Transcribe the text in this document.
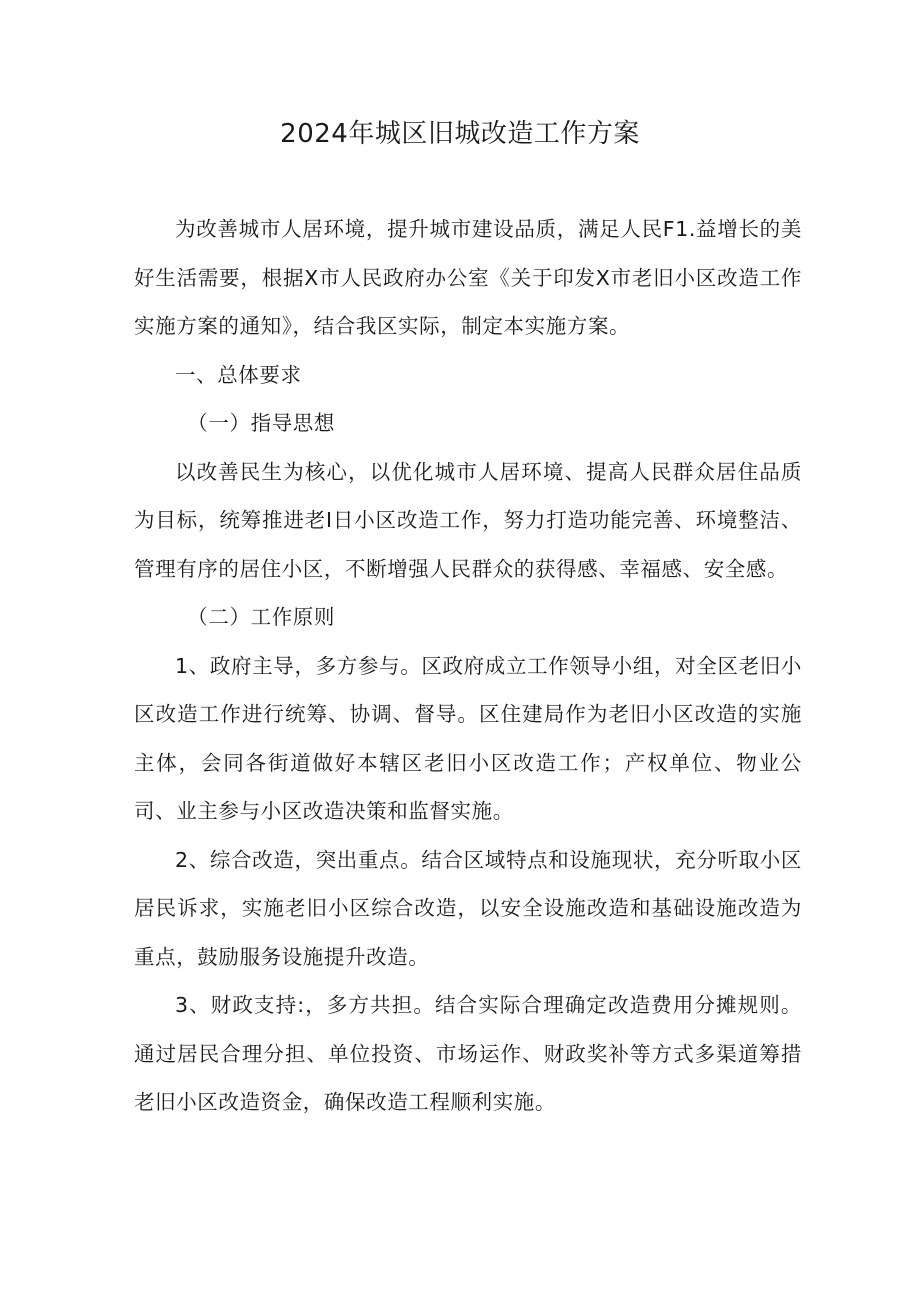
2024年城区旧城改造工作方案

为改善城市人居环境，提升城市建设品质，满足人民F1.益增长的美好生活需要，根据X市人民政府办公室《关于印发X市老旧小区改造工作实施方案的通知》，结合我区实际，制定本实施方案。

一、总体要求

（一）指导思想

以改善民生为核心，以优化城市人居环境、提高人民群众居住品质为目标，统筹推进老I日小区改造工作，努力打造功能完善、环境整洁、管理有序的居住小区，不断增强人民群众的获得感、幸福感、安全感。

（二）工作原则

1、政府主导，多方参与。区政府成立工作领导小组，对全区老旧小区改造工作进行统筹、协调、督导。区住建局作为老旧小区改造的实施主体，会同各街道做好本辖区老旧小区改造工作；产权单位、物业公司、业主参与小区改造决策和监督实施。

2、综合改造，突出重点。结合区域特点和设施现状，充分听取小区居民诉求，实施老旧小区综合改造，以安全设施改造和基础设施改造为重点，鼓励服务设施提升改造。

3、财政支持:，多方共担。结合实际合理确定改造费用分摊规则。通过居民合理分担、单位投资、市场运作、财政奖补等方式多渠道筹措老旧小区改造资金，确保改造工程顺利实施。
